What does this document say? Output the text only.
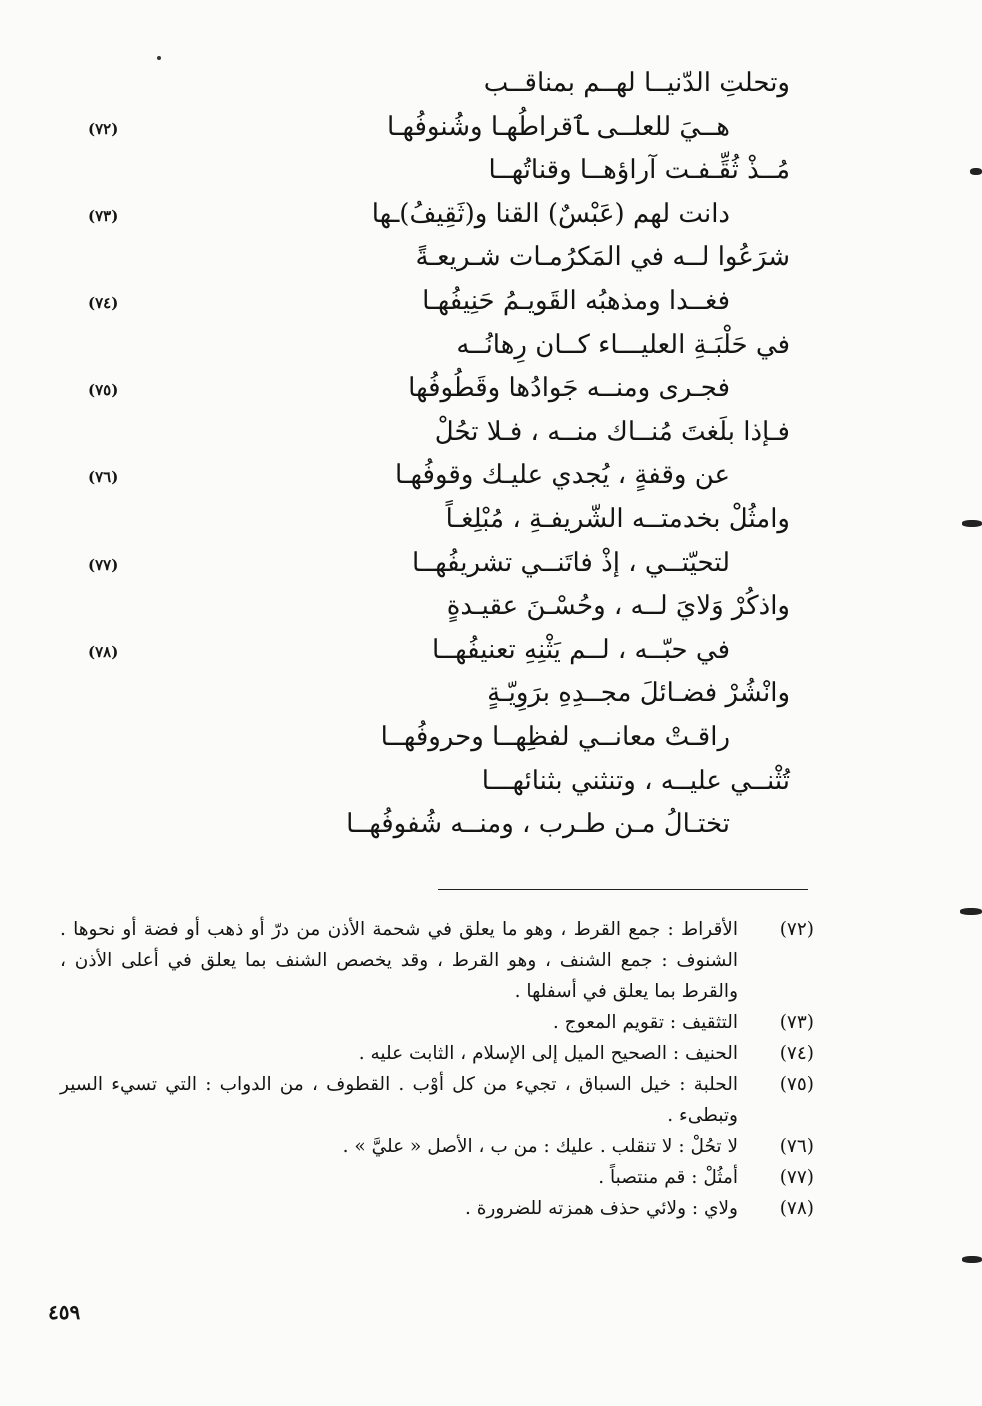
وتحلتِ الدّنيــا لهــم بمناقــب
هــيَ للعلــى ‍ٱقراطُهـا وشُنوفُهـا
(٧٢)
مُــذْ ثُقِّـفـت آراؤهــا وقناتُهــا
دانت لهم (عَبْسٌ) القنا و(ثَقِيفُ)ـها
(٧٣)
شرَعُوا لــه في المَكرُمـات شـريعـةً
فغــدا ومذهبُه القَويـمُ حَنِيفُهـا
(٧٤)
في حَلْبَـةِ العليـــاء كــان رِهانُــه
فجـرى ومنــه جَوادُها وقَطُوفُها
(٧٥)
فـإذا بلَغتَ مُنــاك منــه ، فـلا تحُلْ
عن وقفةٍ ، يُجدي عليـك وقوفُهـا
(٧٦)
وامثُلْ بخدمتــه الشّريفـةِ ، مُبْلِغـاً
لتحيّتــي ، إذْ فاتَنــي تشريفُهــا
(٧٧)
واذكُرْ وَلايَ لــه ، وحُسْـنَ عقيـدةٍ
في حبّــه ، لــم يَثْنِهِ تعنيفُهــا
(٧٨)
وانْشُرْ فضـائلَ مجــدِهِ برَوِيّـةٍ
راقـتْ معانــي لفظِهــا وحروفُهــا
تُثْنــي عليــه ، وتنثني بثنائهـــا
تختـالُ مـن طـرب ، ومنــه شُفوفُهــا
(٧٢)
الأقراط : جمع القرط ، وهو ما يعلق في شحمة الأذن من درّ أو ذهب أو فضة أو نحوها . الشنوف : جمع الشنف ، وهو القرط ، وقد يخصص الشنف بما يعلق في أعلى الأذن ، والقرط بما يعلق في أسفلها .
(٧٣)
التثقيف : تقويم المعوج .
(٧٤)
الحنيف : الصحيح الميل إلى الإسلام ، الثابت عليه .
(٧٥)
الحلبة : خيل السباق ، تجيء من كل أوْب . القطوف ، من الدواب : التي تسيء السير وتبطىء .
(٧٦)
لا تحُلْ : لا تنقلب . عليك : من ب ، الأصل « عليَّ » .
(٧٧)
أمثُلْ : قم منتصباً .
(٧٨)
ولاي : ولائي حذف همزته للضرورة .
٤٥٩
